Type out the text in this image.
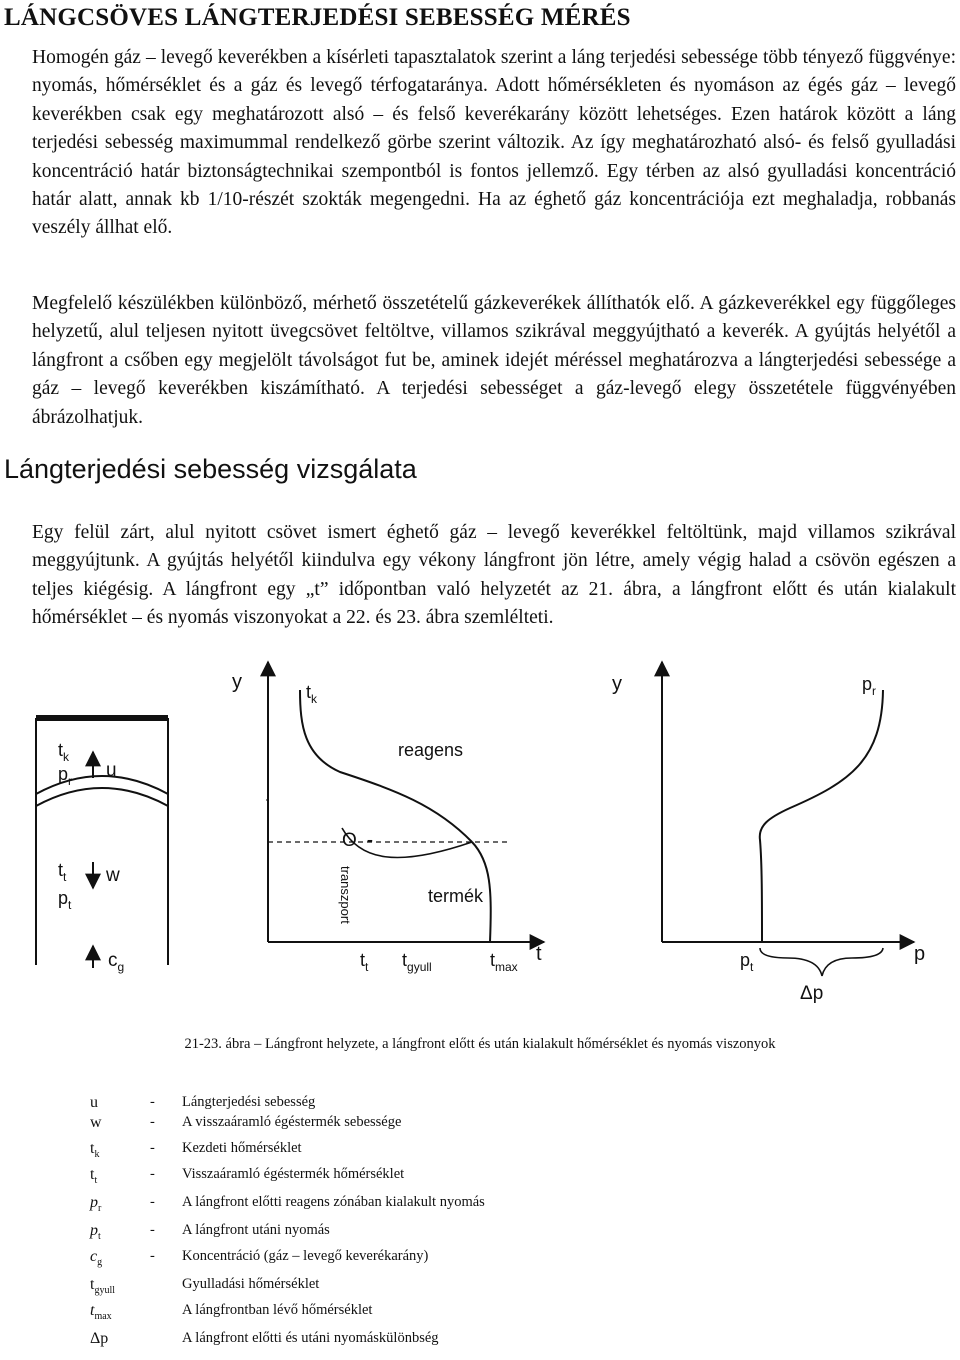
LÁNGCSÖVES LÁNGTERJEDÉSI SEBESSÉG MÉRÉS
Homogén gáz – levegő keverékben a kísérleti tapasztalatok szerint a láng terjedési sebessége több tényező függvénye: nyomás, hőmérséklet és a gáz és levegő térfogataránya. Adott hőmérsékleten és nyomáson az égés gáz – levegő keverékben csak egy meghatározott alsó – és felső keverékarány között lehetséges. Ezen határok között a láng terjedési sebesség maximummal rendelkező görbe szerint változik. Az így meghatározható alsó- és felső gyulladási koncentráció határ biztonságtechnikai szempontból is fontos jellemző. Egy térben az alsó gyulladási koncentráció határ alatt, annak kb 1/10-részét szokták megengedni. Ha az éghető gáz koncentrációja ezt meghaladja, robbanás veszély állhat elő.
Megfelelő készülékben különböző, mérhető összetételű gázkeverékek állíthatók elő. A gázkeverékkel egy függőleges helyzetű, alul teljesen nyitott üvegcsövet feltöltve, villamos szikrával meggyújtható a keverék. A gyújtás helyétől a lángfront a csőben egy megjelölt távolságot fut be, aminek idejét méréssel meghatározva a lángterjedési sebessége a gáz – levegő keverékben kiszámítható. A terjedési sebességet a gáz-levegő elegy összetétele függvényében ábrázolhatjuk.
Lángterjedési sebesség vizsgálata
Egy felül zárt, alul nyitott csövet ismert éghető gáz – levegő keverékkel feltöltünk, majd villamos szikrával meggyújtunk. A gyújtás helyétől kiindulva egy vékony lángfront jön létre, amely végig halad a csövön egészen a teljes kiégésig. A lángfront egy „t” időpontban való helyzetét az 21. ábra, a lángfront előtt és után kialakult hőmérséklet – és nyomás viszonyokat a 22. és 23. ábra szemlélteti.
$t_k$
$p_r$ u
$t_t$
$p_t$
w
$c_g$
y	$t_k$
reagens
O -
transzport	termék
$t_t$ $t_{gyull}$	$t_{max}$
t
y	$p_r$
$p_t$
Δp
p
21-23. ábra – Lángfront helyzete, a lángfront előtt és után kialakult hőmérséklet és nyomás viszonyok
u	- Lángterjedési sebesség
w	- A visszaáramló égéstermék sebessége
$t_k$	- Kezdeti hőmérséklet
$t_t$	- Visszaáramló égéstermék hőmérséklet
$p_r$	- A lángfront előtti reagens zónában kialakult nyomás
$p_t$	- A lángfront utáni nyomás
$c_g$	- Koncentráció (gáz – levegő keverékarány)
$t_{gyull}$	Gyulladási hőmérséklet
$t_{max}$	A lángfrontban lévő hőmérséklet
Δp	A lángfront előtti és utáni nyomáskülönbség
